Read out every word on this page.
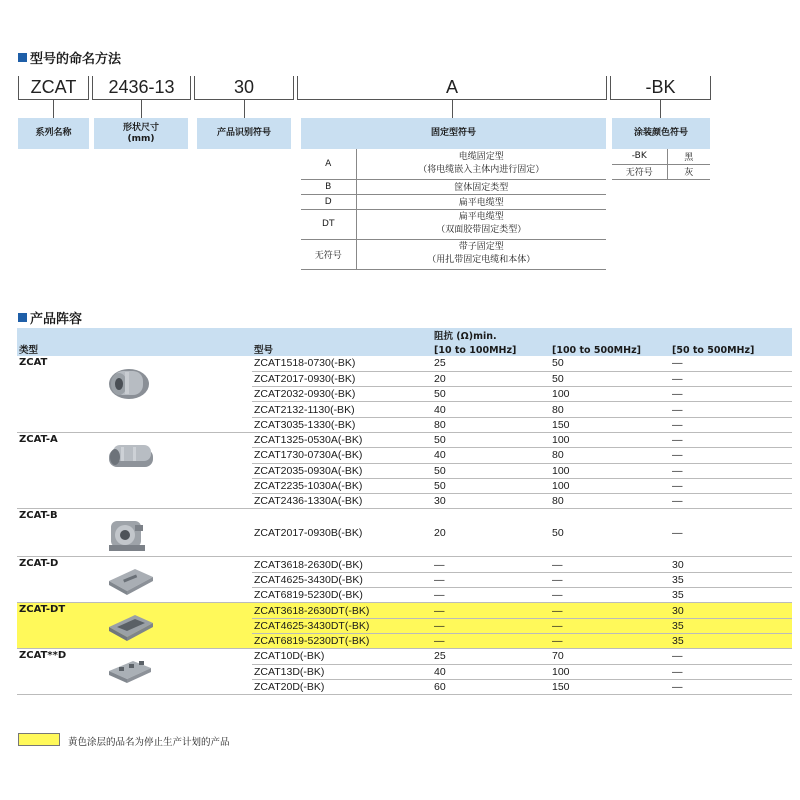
型号的命名方法
ZCAT	2436-13	30	A	-BK
系列名称
形状尺寸
(mm)
产品识别符号	固定型符号	涂装颜色符号
A	电缆固定型
（将电缆嵌入主体内进行固定）
B	筐体固定类型
D	扁平电缆型
DT	扁平电缆型
（双面胶带固定类型）
无符号	带子固定型
（用扎带固定电缆和本体）
-BK	黑
无符号	灰
产品阵容
类型	型号	阻抗 (Ω)min.		
		[10 to 100MHz]	[100 to 500MHz]	[50 to 500MHz]
ZCAT	ZCAT1518-0730(-BK)	25	50	—
	ZCAT2017-0930(-BK)	20	50	—
	ZCAT2032-0930(-BK)	50	100	—
	ZCAT2132-1130(-BK)	40	80	—
	ZCAT3035-1330(-BK)	80	150	—
ZCAT-A	ZCAT1325-0530A(-BK)	50	100	—
	ZCAT1730-0730A(-BK)	40	80	—
	ZCAT2035-0930A(-BK)	50	100	—
	ZCAT2235-1030A(-BK)	50	100	—
	ZCAT2436-1330A(-BK)	30	80	—
ZCAT-B	ZCAT2017-0930B(-BK)	20	50	—
ZCAT-D	ZCAT3618-2630D(-BK)	—	—	30
	ZCAT4625-3430D(-BK)	—	—	35
	ZCAT6819-5230D(-BK)	—	—	35
ZCAT-DT	ZCAT3618-2630DT(-BK)	—	—	30
	ZCAT4625-3430DT(-BK)	—	—	35
	ZCAT6819-5230DT(-BK)	—	—	35
ZCAT**D	ZCAT10D(-BK)	25	70	—
	ZCAT13D(-BK)	40	100	—
	ZCAT20D(-BK)	60	150	—
黄色涂层的品名为停止生产计划的产品
